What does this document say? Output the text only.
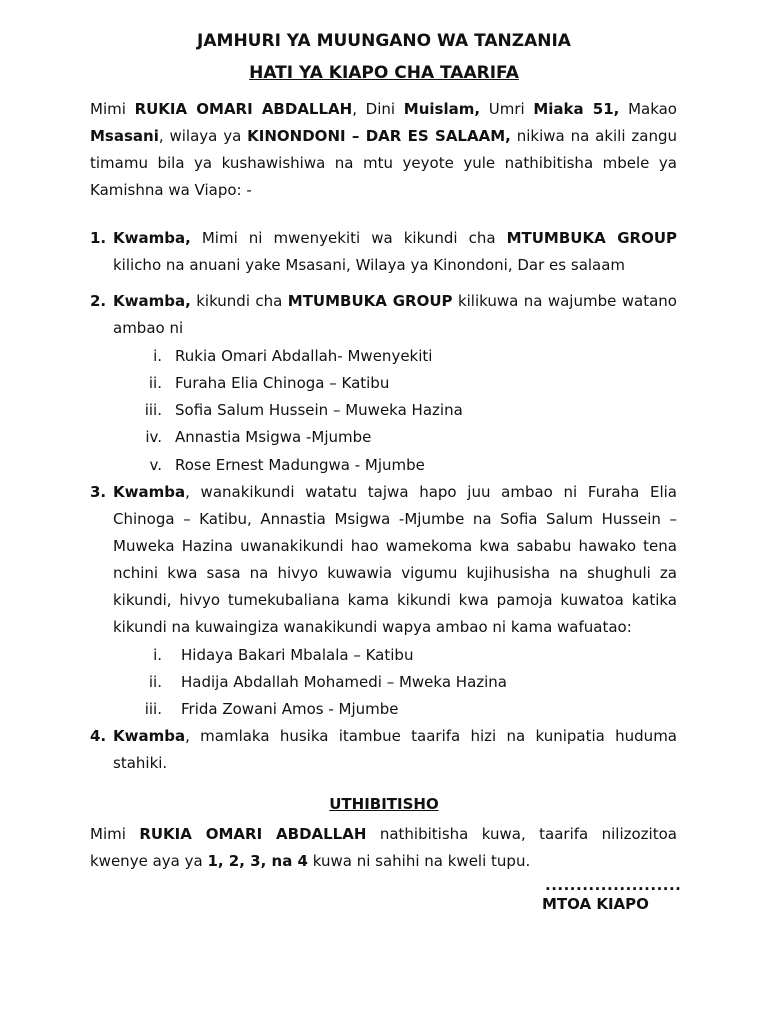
JAMHURI YA MUUNGANO WA TANZANIA
HATI YA KIAPO CHA TAARIFA

Mimi RUKIA OMARI ABDALLAH, Dini Muislam, Umri Miaka 51, Makao Msasani, wilaya ya KINONDONI – DAR ES SALAAM, nikiwa na akili zangu timamu bila ya kushawishiwa na mtu yeyote yule nathibitisha mbele ya Kamishna wa Viapo: -

1. Kwamba, Mimi ni mwenyekiti wa kikundi cha MTUMBUKA GROUP kilicho na anuani yake Msasani, Wilaya ya Kinondoni, Dar es salaam
2. Kwamba, kikundi cha MTUMBUKA GROUP kilikuwa na wajumbe watano ambao ni
i. Rukia Omari Abdallah- Mwenyekiti
ii. Furaha Elia Chinoga – Katibu
iii. Sofia Salum Hussein – Muweka Hazina
iv. Annastia Msigwa -Mjumbe
v. Rose Ernest Madungwa - Mjumbe
3. Kwamba, wanakikundi watatu tajwa hapo juu ambao ni Furaha Elia Chinoga – Katibu, Annastia Msigwa -Mjumbe na Sofia Salum Hussein – Muweka Hazina uwanakikundi hao wamekoma kwa sababu hawako tena nchini kwa sasa na hivyo kuwawia vigumu kujihusisha na shughuli za kikundi, hivyo tumekubaliana kama kikundi kwa pamoja kuwatoa katika kikundi na kuwaingiza wanakikundi wapya ambao ni kama wafuatao:
i. Hidaya Bakari Mbalala – Katibu
ii. Hadija Abdallah Mohamedi – Mweka Hazina
iii. Frida Zowani Amos - Mjumbe
4. Kwamba, mamlaka husika itambue taarifa hizi na kunipatia huduma stahiki.
UTHIBITISHO

Mimi RUKIA OMARI ABDALLAH nathibitisha kuwa, taarifa nilizozitoa kwenye aya ya 1, 2, 3, na 4 kuwa ni sahihi na kweli tupu.

......................
MTOA KIAPO
